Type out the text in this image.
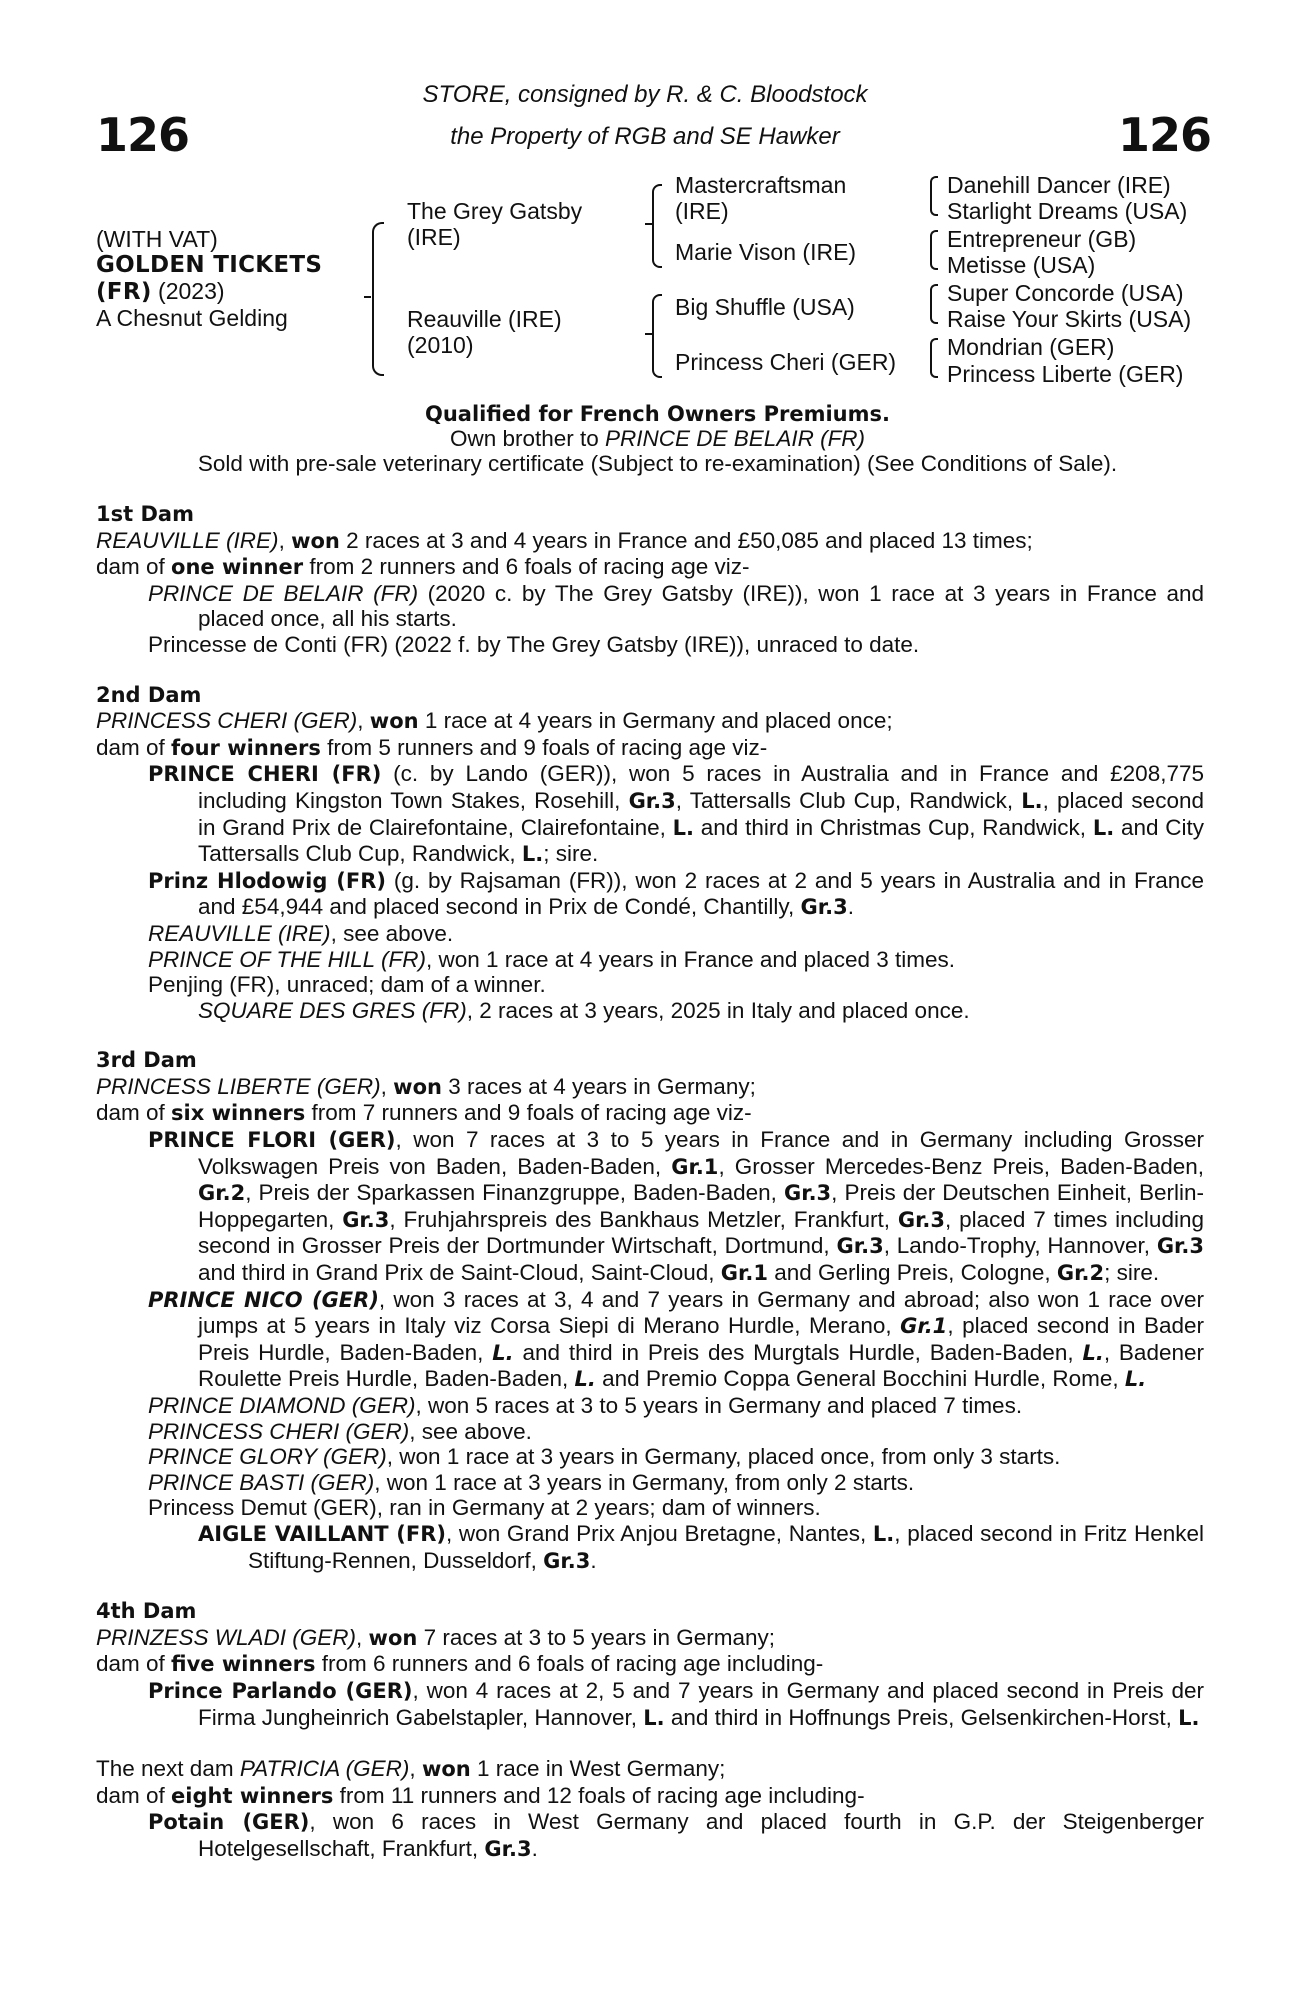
126	126
STORE, consigned by R. & C. Bloodstock
the Property of RGB and SE Hawker
(WITH VAT)
GOLDEN TICKETS
(FR) (2023)
A Chesnut Gelding
The Grey Gatsby
(IRE)
Reauville (IRE)
(2010)
Mastercraftsman
(IRE)
Marie Vison (IRE)
Big Shuffle (USA)
Princess Cheri (GER)
Danehill Dancer (IRE)
Starlight Dreams (USA)
Entrepreneur (GB)
Metisse (USA)
Super Concorde (USA)
Raise Your Skirts (USA)
Mondrian (GER)
Princess Liberte (GER)
Qualified for French Owners Premiums.
Own brother to PRINCE DE BELAIR (FR)
Sold with pre-sale veterinary certificate (Subject to re-examination) (See Conditions of Sale).
1st Dam

REAUVILLE (IRE), won 2 races at 3 and 4 years in France and £50,085 and placed 13 times;

dam of one winner from 2 runners and 6 foals of racing age viz-

PRINCE DE BELAIR (FR) (2020 c. by The Grey Gatsby (IRE)), won 1 race at 3 years in France and placed once, all his starts.

Princesse de Conti (FR) (2022 f. by The Grey Gatsby (IRE)), unraced to date.

2nd Dam

PRINCESS CHERI (GER), won 1 race at 4 years in Germany and placed once;

dam of four winners from 5 runners and 9 foals of racing age viz-

PRINCE CHERI (FR) (c. by Lando (GER)), won 5 races in Australia and in France and £208,775 including Kingston Town Stakes, Rosehill, Gr.3, Tattersalls Club Cup, Randwick, L., placed second in Grand Prix de Clairefontaine, Clairefontaine, L. and third in Christmas Cup, Randwick, L. and City Tattersalls Club Cup, Randwick, L.; sire.

Prinz Hlodowig (FR) (g. by Rajsaman (FR)), won 2 races at 2 and 5 years in Australia and in France and £54,944 and placed second in Prix de Condé, Chantilly, Gr.3.

REAUVILLE (IRE), see above.

PRINCE OF THE HILL (FR), won 1 race at 4 years in France and placed 3 times.

Penjing (FR), unraced; dam of a winner.

SQUARE DES GRES (FR), 2 races at 3 years, 2025 in Italy and placed once.

3rd Dam

PRINCESS LIBERTE (GER), won 3 races at 4 years in Germany;

dam of six winners from 7 runners and 9 foals of racing age viz-

PRINCE FLORI (GER), won 7 races at 3 to 5 years in France and in Germany including Grosser Volkswagen Preis von Baden, Baden-Baden, Gr.1, Grosser Mercedes-Benz Preis, Baden-Baden, Gr.2, Preis der Sparkassen Finanzgruppe, Baden-Baden, Gr.3, Preis der Deutschen Einheit, Berlin-Hoppegarten, Gr.3, Fruhjahrspreis des Bankhaus Metzler, Frankfurt, Gr.3, placed 7 times including second in Grosser Preis der Dortmunder Wirtschaft, Dortmund, Gr.3, Lando-Trophy, Hannover, Gr.3 and third in Grand Prix de Saint-Cloud, Saint-Cloud, Gr.1 and Gerling Preis, Cologne, Gr.2; sire.

PRINCE NICO (GER), won 3 races at 3, 4 and 7 years in Germany and abroad; also won 1 race over jumps at 5 years in Italy viz Corsa Siepi di Merano Hurdle, Merano, Gr.1, placed second in Bader Preis Hurdle, Baden-Baden, L. and third in Preis des Murgtals Hurdle, Baden-Baden, L., Badener Roulette Preis Hurdle, Baden-Baden, L. and Premio Coppa General Bocchini Hurdle, Rome, L.

PRINCE DIAMOND (GER), won 5 races at 3 to 5 years in Germany and placed 7 times.

PRINCESS CHERI (GER), see above.

PRINCE GLORY (GER), won 1 race at 3 years in Germany, placed once, from only 3 starts.

PRINCE BASTI (GER), won 1 race at 3 years in Germany, from only 2 starts.

Princess Demut (GER), ran in Germany at 2 years; dam of winners.

AIGLE VAILLANT (FR), won Grand Prix Anjou Bretagne, Nantes, L., placed second in Fritz Henkel Stiftung-Rennen, Dusseldorf, Gr.3.

4th Dam

PRINZESS WLADI (GER), won 7 races at 3 to 5 years in Germany;

dam of five winners from 6 runners and 6 foals of racing age including-

Prince Parlando (GER), won 4 races at 2, 5 and 7 years in Germany and placed second in Preis der Firma Jungheinrich Gabelstapler, Hannover, L. and third in Hoffnungs Preis, Gelsenkirchen-Horst, L.

The next dam PATRICIA (GER), won 1 race in West Germany;

dam of eight winners from 11 runners and 12 foals of racing age including-

Potain (GER), won 6 races in West Germany and placed fourth in G.P. der Steigenberger Hotelgesellschaft, Frankfurt, Gr.3.
